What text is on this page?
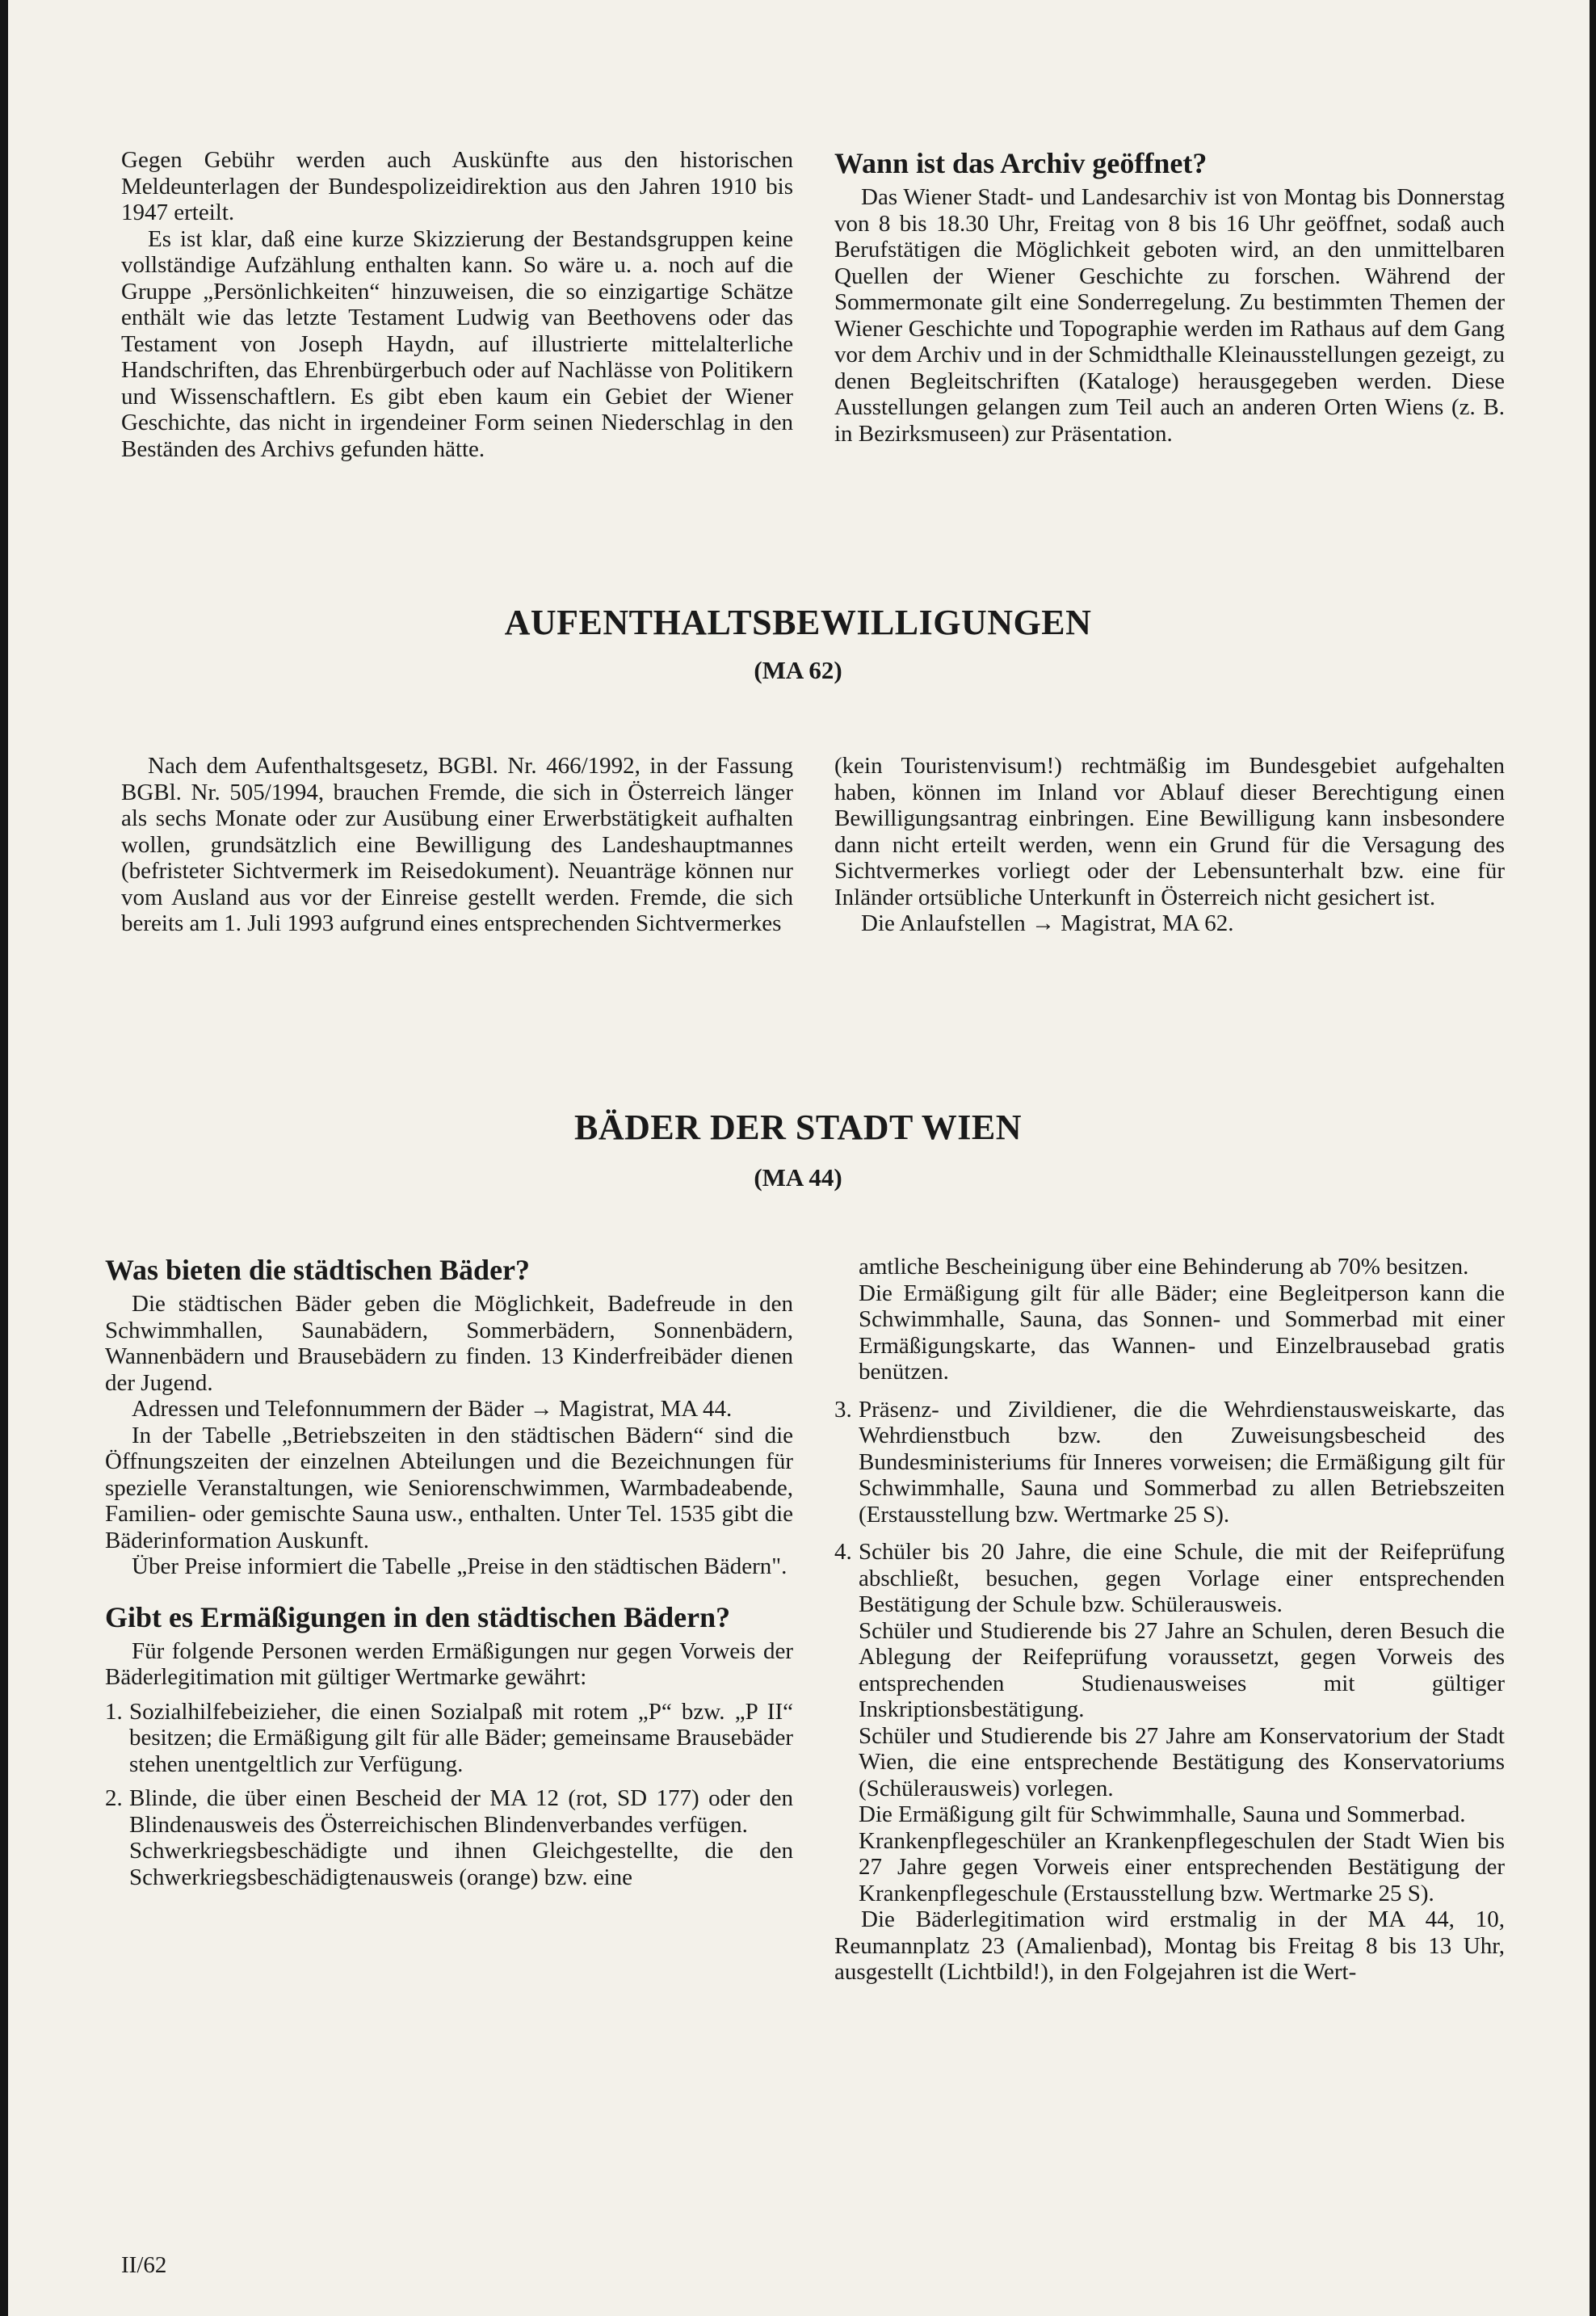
Gegen Gebühr werden auch Auskünfte aus den historischen Meldeunterlagen der Bundespolizeidirektion aus den Jahren 1910 bis 1947 erteilt.

Es ist klar, daß eine kurze Skizzierung der Bestandsgruppen keine vollständige Aufzählung enthalten kann. So wäre u. a. noch auf die Gruppe „Persönlichkeiten“ hinzuweisen, die so einzigartige Schätze enthält wie das letzte Testament Ludwig van Beethovens oder das Testament von Joseph Haydn, auf illustrierte mittelalterliche Handschriften, das Ehrenbürgerbuch oder auf Nachlässe von Politikern und Wissenschaftlern. Es gibt eben kaum ein Gebiet der Wiener Geschichte, das nicht in irgendeiner Form seinen Niederschlag in den Beständen des Archivs gefunden hätte.

Wann ist das Archiv geöffnet?

Das Wiener Stadt- und Landesarchiv ist von Montag bis Donnerstag von 8 bis 18.30 Uhr, Freitag von 8 bis 16 Uhr geöffnet, sodaß auch Berufstätigen die Möglichkeit geboten wird, an den unmittelbaren Quellen der Wiener Geschichte zu forschen. Während der Sommermonate gilt eine Sonderregelung. Zu bestimmten Themen der Wiener Geschichte und Topographie werden im Rathaus auf dem Gang vor dem Archiv und in der Schmidthalle Kleinausstellungen gezeigt, zu denen Begleitschriften (Kataloge) herausgegeben werden. Diese Ausstellungen gelangen zum Teil auch an anderen Orten Wiens (z. B. in Bezirksmuseen) zur Präsentation.

AUFENTHALTSBEWILLIGUNGEN
(MA 62)

Nach dem Aufenthaltsgesetz, BGBl. Nr. 466/1992, in der Fassung BGBl. Nr. 505/1994, brauchen Fremde, die sich in Österreich länger als sechs Monate oder zur Ausübung einer Erwerbstätigkeit aufhalten wollen, grundsätzlich eine Bewilligung des Landeshauptmannes (befristeter Sichtvermerk im Reisedokument). Neuanträge können nur vom Ausland aus vor der Einreise gestellt werden. Fremde, die sich bereits am 1. Juli 1993 aufgrund eines entsprechenden Sichtvermerkes

(kein Touristenvisum!) rechtmäßig im Bundesgebiet aufgehalten haben, können im Inland vor Ablauf dieser Berechtigung einen Bewilligungsantrag einbringen. Eine Bewilligung kann insbesondere dann nicht erteilt werden, wenn ein Grund für die Versagung des Sichtvermerkes vorliegt oder der Lebensunterhalt bzw. eine für Inländer ortsübliche Unterkunft in Österreich nicht gesichert ist.

Die Anlaufstellen → Magistrat, MA 62.

BÄDER DER STADT WIEN
(MA 44)
Was bieten die städtischen Bäder?

Die städtischen Bäder geben die Möglichkeit, Badefreude in den Schwimmhallen, Saunabädern, Sommerbädern, Sonnenbädern, Wannenbädern und Brausebädern zu finden. 13 Kinderfreibäder dienen der Jugend.

Adressen und Telefonnummern der Bäder → Magistrat, MA 44.

In der Tabelle „Betriebszeiten in den städtischen Bädern“ sind die Öffnungszeiten der einzelnen Abteilungen und die Bezeichnungen für spezielle Veranstaltungen, wie Seniorenschwimmen, Warmbadeabende, Familien- oder gemischte Sauna usw., enthalten. Unter Tel. 1535 gibt die Bäderinformation Auskunft.

Über Preise informiert die Tabelle „Preise in den städtischen Bädern".

Gibt es Ermäßigungen in den städtischen Bädern?

Für folgende Personen werden Ermäßigungen nur gegen Vorweis der Bäderlegitimation mit gültiger Wertmarke gewährt:

1. Sozialhilfebeizieher, die einen Sozialpaß mit rotem „P“ bzw. „P II“ besitzen; die Ermäßigung gilt für alle Bäder; gemeinsame Brausebäder stehen unentgeltlich zur Verfügung.

2. Blinde, die über einen Bescheid der MA 12 (rot, SD 177) oder den Blindenausweis des Österreichischen Blindenverbandes verfügen.

Schwerkriegsbeschädigte und ihnen Gleichgestellte, die den Schwerkriegsbeschädigtenausweis (orange) bzw. eine

amtliche Bescheinigung über eine Behinderung ab 70% besitzen.

Die Ermäßigung gilt für alle Bäder; eine Begleitperson kann die Schwimmhalle, Sauna, das Sonnen- und Sommerbad mit einer Ermäßigungskarte, das Wannen- und Einzelbrausebad gratis benützen.

3. Präsenz- und Zivildiener, die die Wehrdienstausweiskarte, das Wehrdienstbuch bzw. den Zuweisungsbescheid des Bundesministeriums für Inneres vorweisen; die Ermäßigung gilt für Schwimmhalle, Sauna und Sommerbad zu allen Betriebszeiten (Erstausstellung bzw. Wertmarke 25 S).

4. Schüler bis 20 Jahre, die eine Schule, die mit der Reifeprüfung abschließt, besuchen, gegen Vorlage einer entsprechenden Bestätigung der Schule bzw. Schülerausweis.

Schüler und Studierende bis 27 Jahre an Schulen, deren Besuch die Ablegung der Reifeprüfung voraussetzt, gegen Vorweis des entsprechenden Studienausweises mit gültiger Inskriptionsbestätigung.

Schüler und Studierende bis 27 Jahre am Konservatorium der Stadt Wien, die eine entsprechende Bestätigung des Konservatoriums (Schülerausweis) vorlegen.

Die Ermäßigung gilt für Schwimmhalle, Sauna und Sommerbad.

Krankenpflegeschüler an Krankenpflegeschulen der Stadt Wien bis 27 Jahre gegen Vorweis einer entsprechenden Bestätigung der Krankenpflegeschule (Erstausstellung bzw. Wertmarke 25 S).

Die Bäderlegitimation wird erstmalig in der MA 44, 10, Reumannplatz 23 (Amalienbad), Montag bis Freitag 8 bis 13 Uhr, ausgestellt (Lichtbild!), in den Folgejahren ist die Wert-

II/62
